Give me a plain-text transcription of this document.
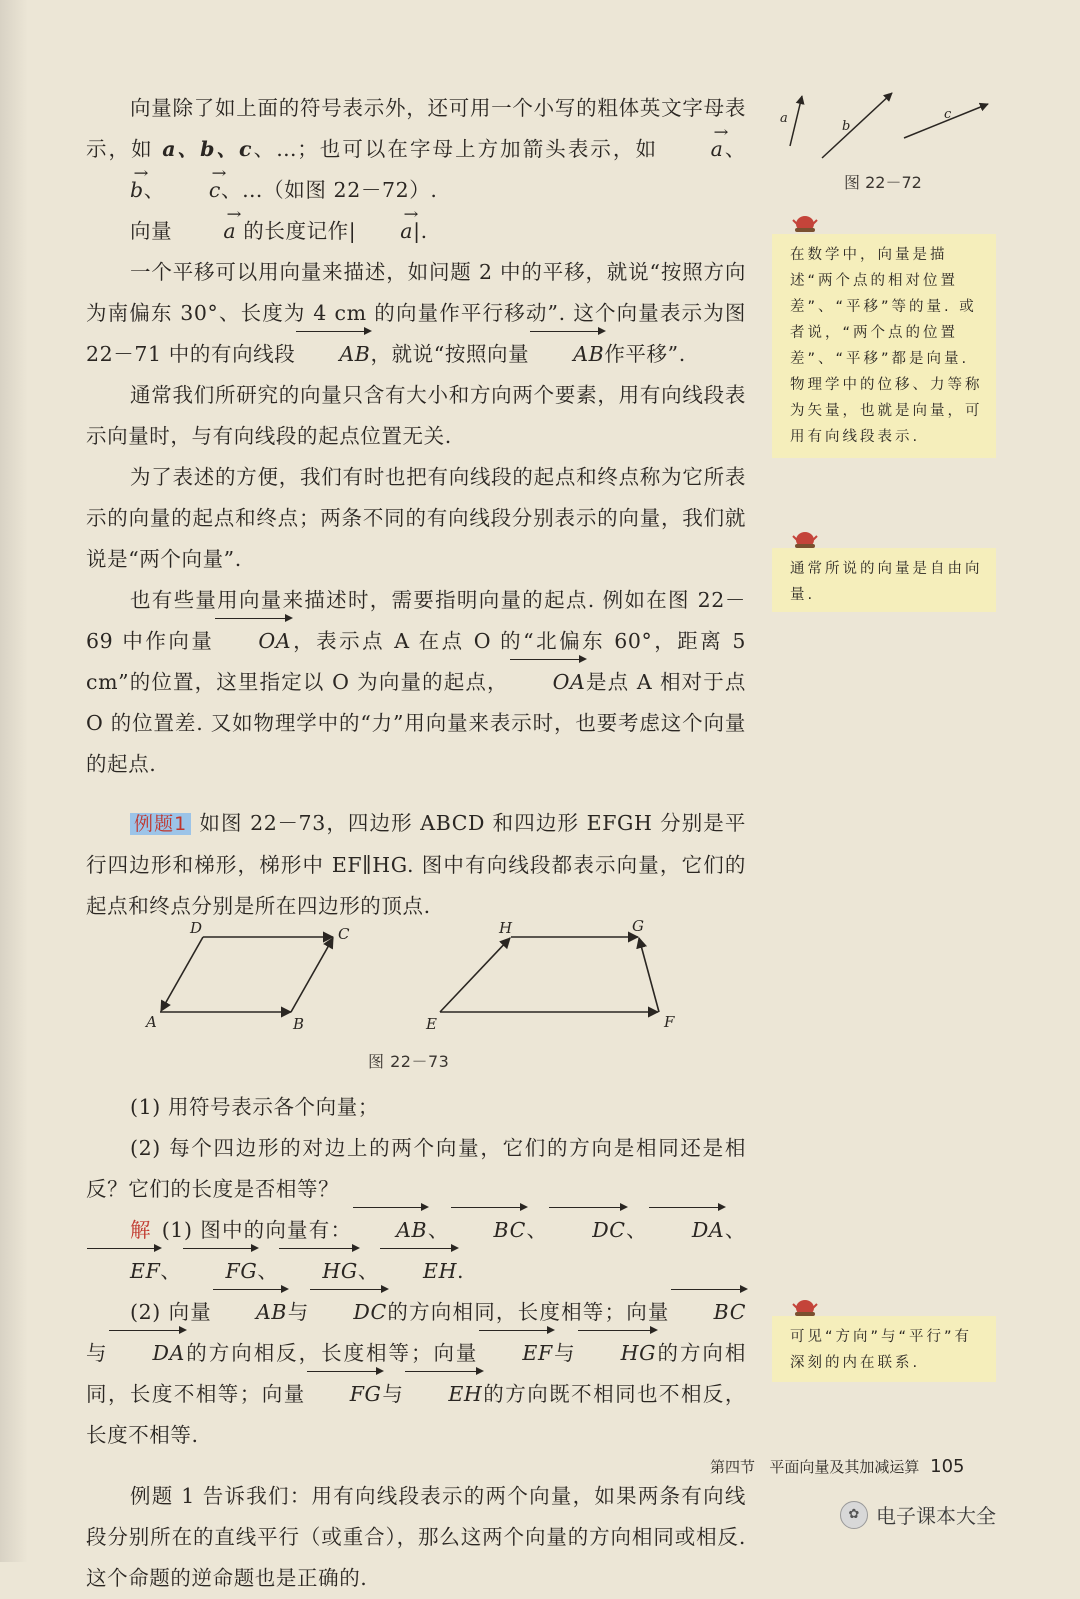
向量除了如上面的符号表示外，还可用一个小写的粗体英文字母表示，如 a、b、c、…；也可以在字母上方加箭头表示，如 → a、→ b、 → c、…（如图 22－72）.

向量 → a 的长度记作| → a|.

一个平移可以用向量来描述，如问题 2 中的平移，就说“按照方向为南偏东 30°、长度为 4 cm 的向量作平行移动”. 这个向量表示为图 22－71 中的有向线段 AB，就说“按照向量 AB作平移”.

通常我们所研究的向量只含有大小和方向两个要素，用有向线段表示向量时，与有向线段的起点位置无关.

为了表述的方便，我们有时也把有向线段的起点和终点称为它所表示的向量的起点和终点；两条不同的有向线段分别表示的向量，我们就说是“两个向量”.

也有些量用向量来描述时，需要指明向量的起点. 例如在图 22－69 中作向量 OA，表示点 A 在点 O 的“北偏东 60°，距离 5 cm”的位置，这里指定以 O 为向量的起点， OA是点 A 相对于点 O 的位置差. 又如物理学中的“力”用向量来表示时，也要考虑这个向量的起点.

例题1 如图 22－73，四边形 ABCD 和四边形 EFGH 分别是平行四边形和梯形，梯形中 EF∥HG. 图中有向线段都表示向量，它们的起点和终点分别是所在四边形的顶点.

A	B
C
D
E	F
G
H
图 22－73

(1) 用符号表示各个向量；

(2) 每个四边形的对边上的两个向量，它们的方向是相同还是相反？它们的长度是否相等？

解 (1) 图中的向量有： AB、 BC、 DC、 DA、EF、 FG、 HG、 EH.

(2) 向量 AB与 DC的方向相同，长度相等；向量 BC与 DA的方向相反，长度相等；向量 EF与 HG的方向相同，长度不相等；向量 FG与 EH的方向既不相同也不相反，长度不相等.

例题 1 告诉我们：用有向线段表示的两个向量，如果两条有向线段分别所在的直线平行（或重合），那么这两个向量的方向相同或相反. 这个命题的逆命题也是正确的.

a
b
c
图 22－72
在数学中，向量是描述“两个点的相对位置差”、“平移”等的量. 或者说，“两个点的位置差”、“平移”都是向量. 物理学中的位移、力等称为矢量，也就是向量，可用有向线段表示.
通常所说的向量是自由向量.
可见“方向”与“平行”有深刻的内在联系.
第四节 平面向量及其加减运算 105
✿ 电子课本大全
